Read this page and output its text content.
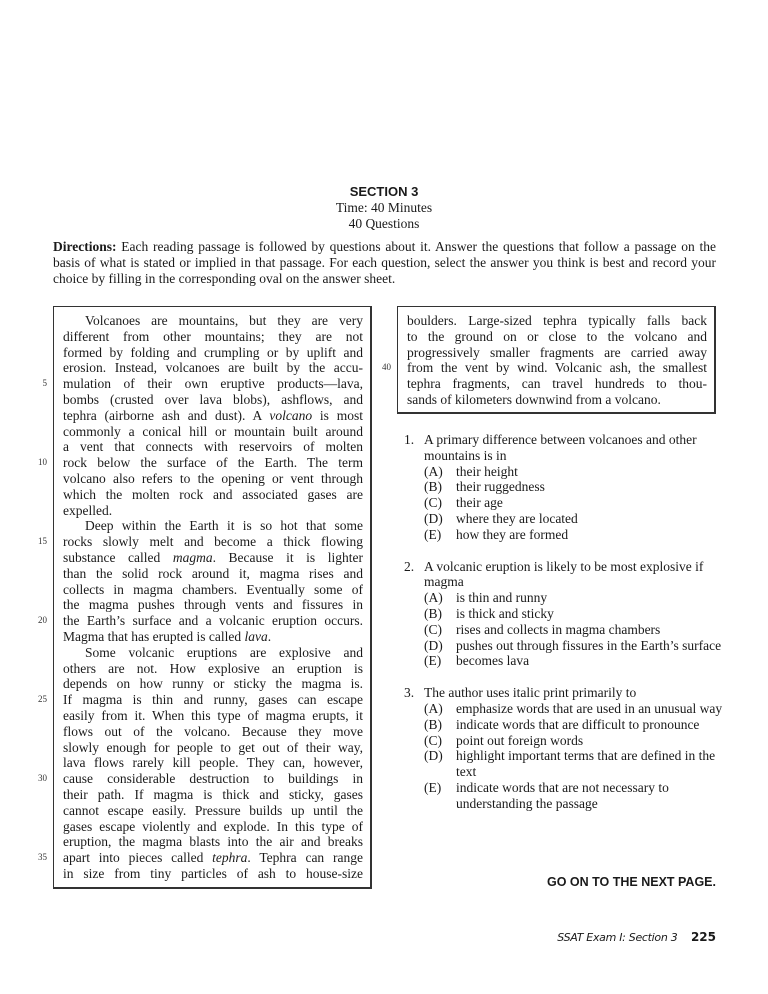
SECTION 3
Time: 40 Minutes
40 Questions
Directions: Each reading passage is followed by questions about it. Answer the questions that follow a passage on the basis of what is stated or implied in that passage. For each question, select the answer you think is best and record your choice by filling in the corresponding oval on the answer sheet.
Volcanoes are mountains, but they are very
different from other mountains; they are not
formed by folding and crumpling or by uplift and
erosion. Instead, volcanoes are built by the accu-
mulation of their own eruptive products—lava,
bombs (crusted over lava blobs), ashflows, and
tephra (airborne ash and dust). A volcano is most
commonly a conical hill or mountain built around
a vent that connects with reservoirs of molten
rock below the surface of the Earth. The term
volcano also refers to the opening or vent through
which the molten rock and associated gases are
expelled.
Deep within the Earth it is so hot that some
rocks slowly melt and become a thick flowing
substance called magma. Because it is lighter
than the solid rock around it, magma rises and
collects in magma chambers. Eventually some of
the magma pushes through vents and fissures in
the Earth’s surface and a volcanic eruption occurs.
Magma that has erupted is called lava.
Some volcanic eruptions are explosive and
others are not. How explosive an eruption is
depends on how runny or sticky the magma is.
If magma is thin and runny, gases can escape
easily from it. When this type of magma erupts, it
flows out of the volcano. Because they move
slowly enough for people to get out of their way,
lava flows rarely kill people. They can, however,
cause considerable destruction to buildings in
their path. If magma is thick and sticky, gases
cannot escape easily. Pressure builds up until the
gases escape violently and explode. In this type of
eruption, the magma blasts into the air and breaks
apart into pieces called tephra. Tephra can range
in size from tiny particles of ash to house-size
boulders. Large-sized tephra typically falls back
to the ground on or close to the volcano and
progressively smaller fragments are carried away
from the vent by wind. Volcanic ash, the smallest
tephra fragments, can travel hundreds to thou-
sands of kilometers downwind from a volcano.
5
10
15
20
25
30
35
40
1. A primary difference between volcanoes and other mountains is in
(A) their height
(B)	their ruggedness
(C)	their age
(D) where they are located
(E)	how they are formed
2. A volcanic eruption is likely to be most explosive if magma
(A) is thin and runny
(B)	is thick and sticky
(C)	rises and collects in magma chambers
(D) pushes out through fissures in the Earth’s surface
(E)	becomes lava
3. The author uses italic print primarily to
(A) emphasize words that are used in an unusual way
(B)	indicate words that are difficult to pronounce
(C)	point out foreign words
(D) highlight important terms that are defined in the text
(E)	indicate words that are not necessary to understanding the passage
GO ON TO THE NEXT PAGE.
SSAT Exam I: Section 3 225
